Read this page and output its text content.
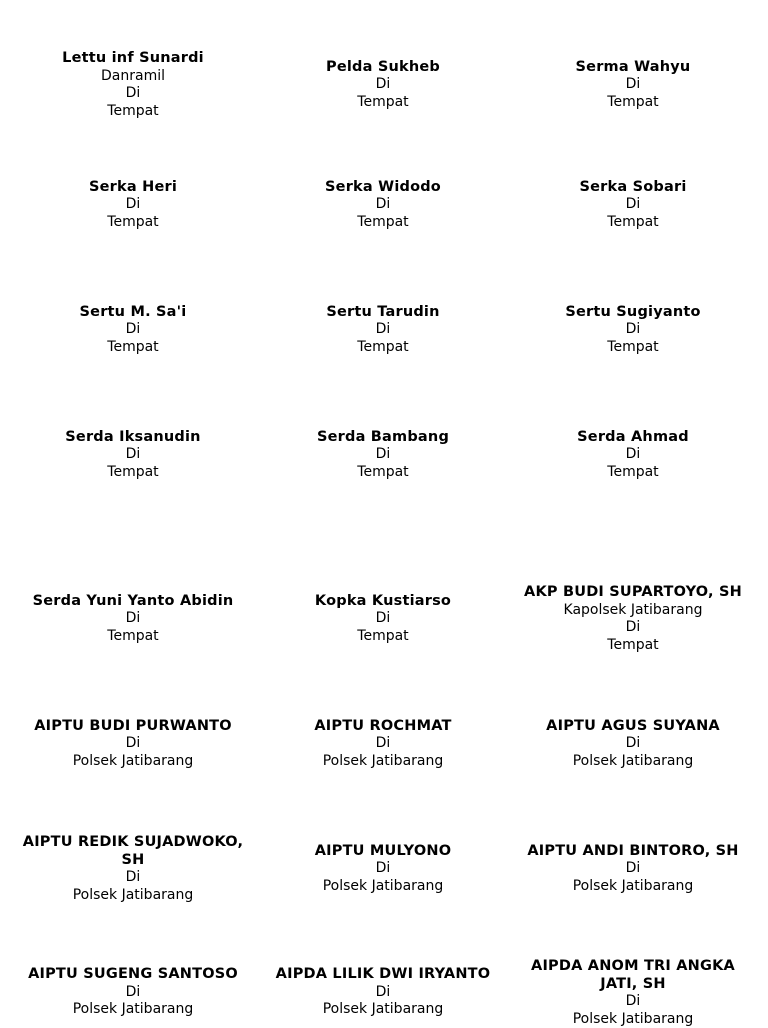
Lettu inf Sunardi
Danramil
Di
Tempat
Pelda Sukheb
Di
Tempat
Serma Wahyu
Di
Tempat
Serka Heri
Di
Tempat
Serka Widodo
Di
Tempat
Serka Sobari
Di
Tempat
Sertu M. Sa'i
Di
Tempat
Sertu Tarudin
Di
Tempat
Sertu Sugiyanto
Di
Tempat
Serda Iksanudin
Di
Tempat
Serda Bambang
Di
Tempat
Serda Ahmad
Di
Tempat
Serda Yuni Yanto Abidin
Di
Tempat
Kopka Kustiarso
Di
Tempat
AKP BUDI SUPARTOYO, SH
Kapolsek Jatibarang
Di
Tempat
AIPTU BUDI PURWANTO
Di
Polsek Jatibarang
AIPTU ROCHMAT
Di
Polsek Jatibarang
AIPTU AGUS SUYANA
Di
Polsek Jatibarang
AIPTU REDIK SUJADWOKO, SH
Di
Polsek Jatibarang
AIPTU MULYONO
Di
Polsek Jatibarang
AIPTU ANDI BINTORO, SH
Di
Polsek Jatibarang
AIPTU SUGENG SANTOSO
Di
Polsek Jatibarang
AIPDA LILIK DWI IRYANTO
Di
Polsek Jatibarang
AIPDA ANOM TRI ANGKA JATI, SH
Di
Polsek Jatibarang
